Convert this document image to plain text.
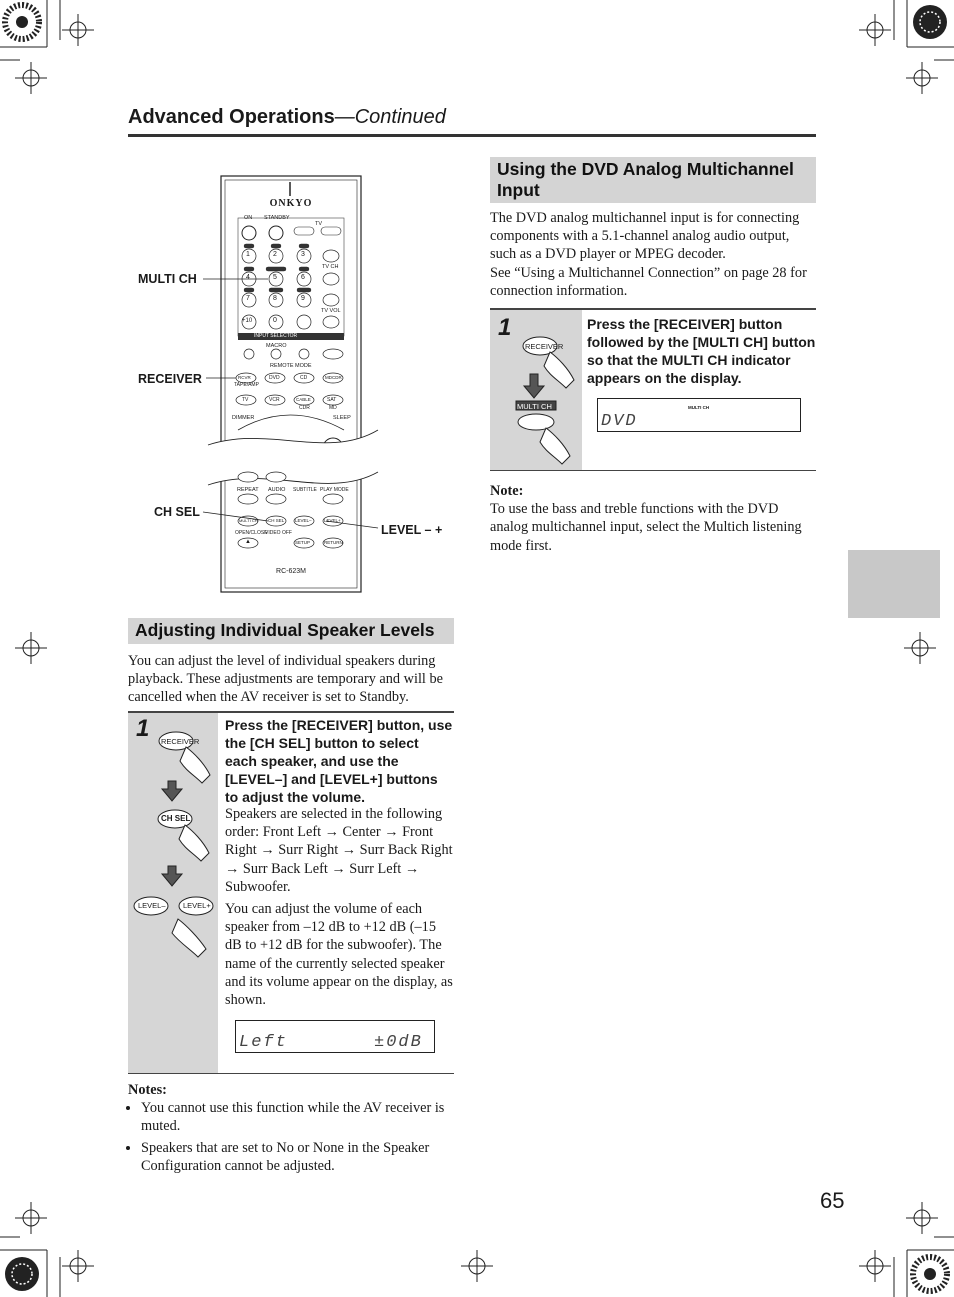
Advanced Operations—Continued
ONKYO
ON STANDBY
TV
TV CH
TV VOL
INPUT SELECTOR
MACRO
REMOTE MODE
TAPE/AMP
CDR	MD
DIMMER	SLEEP
REPEAT AUDIO SUBTITLE PLAY MODE
OPEN/CLOSE
VIDEO OFF
RC-623M
1	2	3
4	5	6
7	8	9
+10	0
RCVR	DVD	CD	MDCDR
TV	VCR	CABLE	SAT
MULTI CH CH SEL LEVEL–	LEVEL+
▲	SETUP	RETURN
MULTI CH
RECEIVER
CH SEL
LEVEL – +
Adjusting Individual Speaker Levels
You can adjust the level of individual speakers during playback. These adjustments are temporary and will be cancelled when the AV receiver is set to Standby.
1 RECEIVER
CH SEL
LEVEL– LEVEL+
Press the [RECEIVER] button, use the [CH SEL] button to select each speaker, and use the [LEVEL–] and [LEVEL+] buttons to adjust the volume.
Speakers are selected in the following order: Front Left → Center → Front Right → Surr Right → Surr Back Right → Surr Back Left → Surr Left → Subwoofer.
You can adjust the volume of each speaker from –12 dB to +12 dB (–15 dB to +12 dB for the subwoofer). The name of the currently selected speaker and its volume appear on the display, as shown.
Left	±0dB
Notes:
• You cannot use this function while the AV receiver is muted.
• Speakers that are set to No or None in the Speaker Configuration cannot be adjusted.
Using the DVD Analog Multichannel Input
The DVD analog multichannel input is for connecting components with a 5.1-channel analog audio output, such as a DVD player or MPEG decoder.
See “Using a Multichannel Connection” on page 28 for connection information.
1
RECEIVER
MULTI CH
Press the [RECEIVER] button followed by the [MULTI CH] button so that the MULTI CH indicator appears on the display.
MULTI CH
DVD
Note:
To use the bass and treble functions with the DVD analog multichannel input, select the Multich listening mode first.
65
